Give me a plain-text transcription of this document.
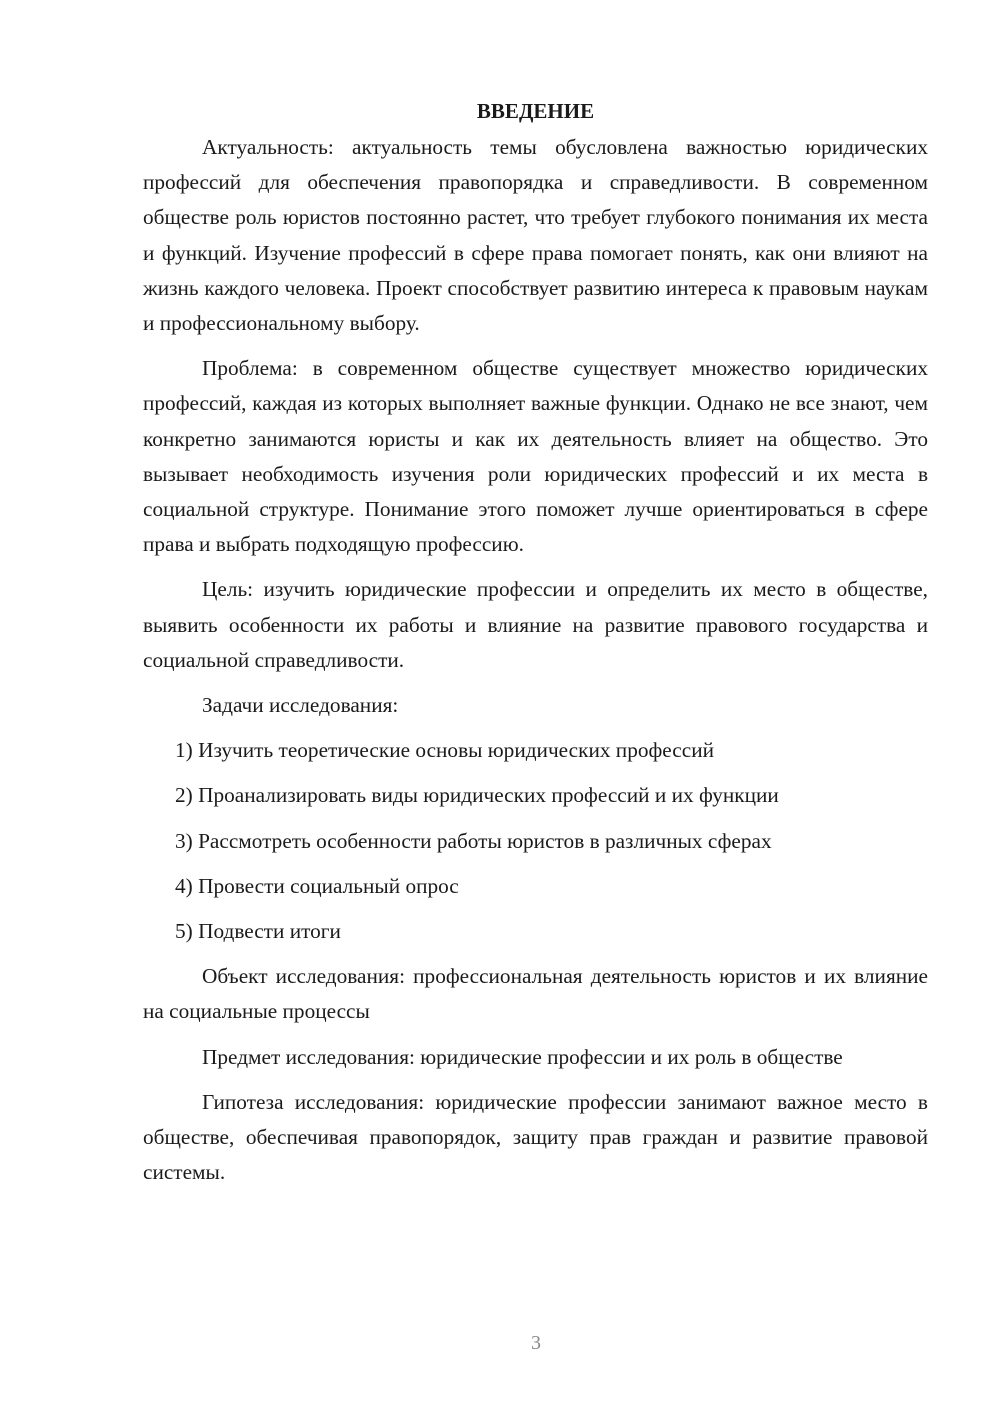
ВВЕДЕНИЕ

Актуальность: актуальность темы обусловлена важностью юридических профессий для обеспечения правопорядка и справедливости. В современном обществе роль юристов постоянно растет, что требует глубокого понимания их места и функций. Изучение профессий в сфере права помогает понять, как они влияют на жизнь каждого человека. Проект способствует развитию интереса к правовым наукам и профессиональному выбору.

Проблема: в современном обществе существует множество юридических профессий, каждая из которых выполняет важные функции. Однако не все знают, чем конкретно занимаются юристы и как их деятельность влияет на общество. Это вызывает необходимость изучения роли юридических профессий и их места в социальной структуре. Понимание этого поможет лучше ориентироваться в сфере права и выбрать подходящую профессию.

Цель: изучить юридические профессии и определить их место в обществе, выявить особенности их работы и влияние на развитие правового государства и социальной справедливости.

Задачи исследования:

1) Изучить теоретические основы юридических профессий
2) Проанализировать виды юридических профессий и их функции
3) Рассмотреть особенности работы юристов в различных сферах
4) Провести социальный опрос
5) Подвести итоги

Объект исследования: профессиональная деятельность юристов и их влияние на социальные процессы

Предмет исследования: юридические профессии и их роль в обществе

Гипотеза исследования: юридические профессии занимают важное место в обществе, обеспечивая правопорядок, защиту прав граждан и развитие правовой системы.

3
